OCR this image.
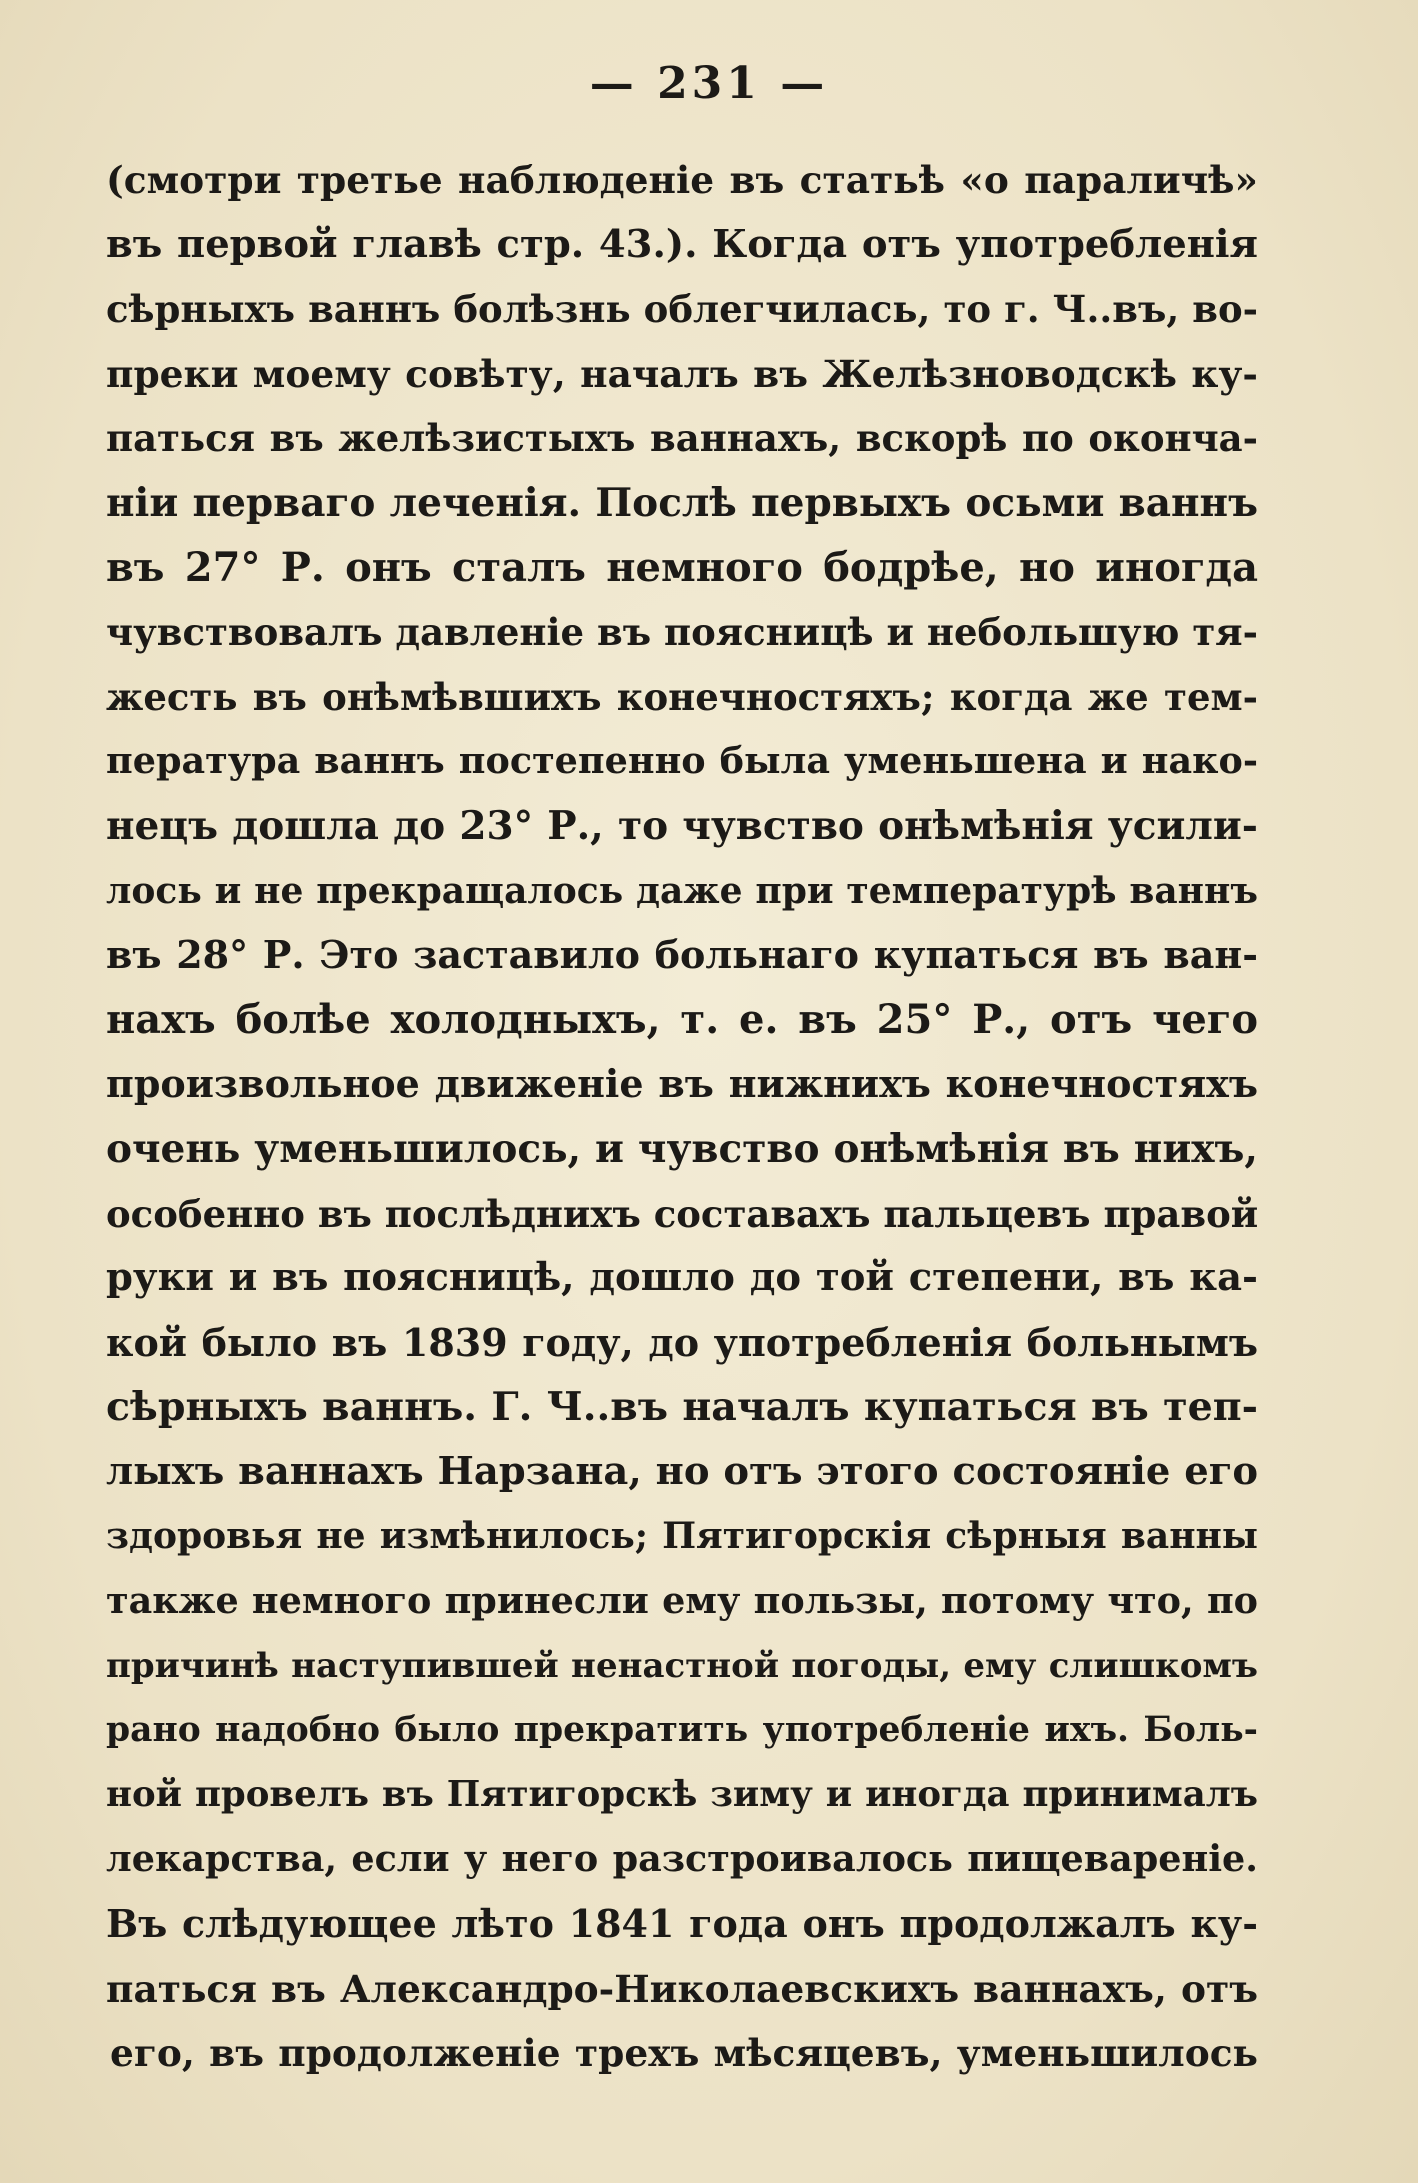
— 231 —
(смотри третье наблюденіе въ статьѣ «о параличѣ»
въ первой главѣ стр. 43.). Когда отъ употребленія
сѣрныхъ ваннъ болѣзнь облегчилась, то г. Ч..въ, во-
преки моему совѣту, началъ въ Желѣзноводскѣ ку-
паться въ желѣзистыхъ ваннахъ, вскорѣ по оконча-
ніи перваго леченія. Послѣ первыхъ осьми ваннъ
въ 27° Р. онъ сталъ немного бодрѣе, но иногда
чувствовалъ давленіе въ поясницѣ и небольшую тя-
жесть въ онѣмѣвшихъ конечностяхъ; когда же тем-
пература ваннъ постепенно была уменьшена и нако-
нецъ дошла до 23° Р., то чувство онѣмѣнія усили-
лось и не прекращалось даже при температурѣ ваннъ
въ 28° Р. Это заставило больнаго купаться въ ван-
нахъ болѣе холодныхъ, т. е. въ 25° Р., отъ чего
произвольное движеніе въ нижнихъ конечностяхъ
очень уменьшилось, и чувство онѣмѣнія въ нихъ,
особенно въ послѣднихъ составахъ пальцевъ правой
руки и въ поясницѣ, дошло до той степени, въ ка-
кой было въ 1839 году, до употребленія больнымъ
сѣрныхъ ваннъ. Г. Ч..въ началъ купаться въ теп-
лыхъ ваннахъ Нарзана, но отъ этого состояніе его
здоровья не измѣнилось; Пятигорскія сѣрныя ванны
также немного принесли ему пользы, потому что, по
причинѣ наступившей ненастной погоды, ему слишкомъ
рано надобно было прекратить употребленіе ихъ. Боль-
ной провелъ въ Пятигорскѣ зиму и иногда принималъ
лекарства, если у него разстроивалось пищевареніе.
Въ слѣдующее лѣто 1841 года онъ продолжалъ ку-
паться въ Александро-Николаевскихъ ваннахъ, отъ
его, въ продолженіе трехъ мѣсяцевъ, уменьшилось
